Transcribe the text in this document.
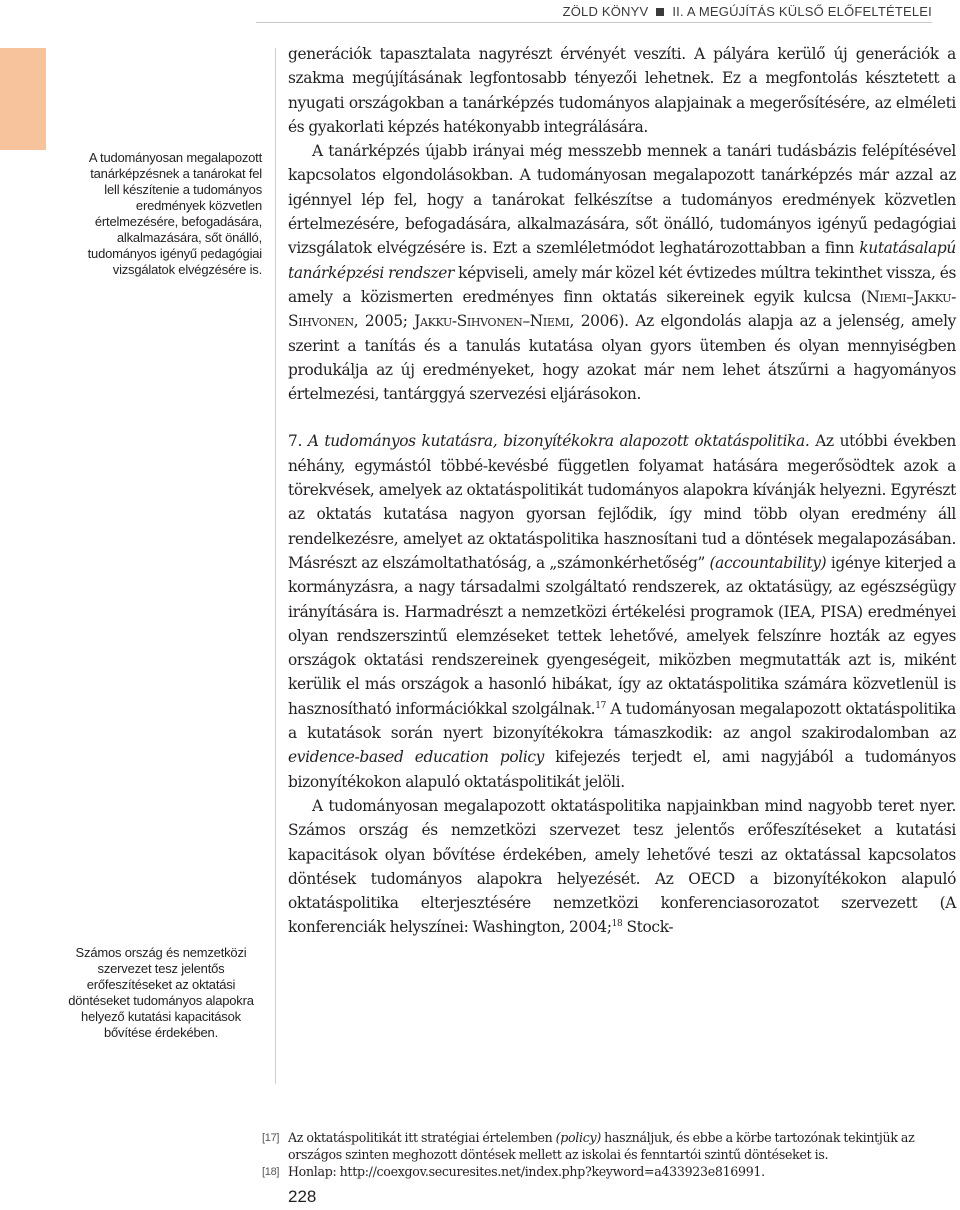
ZÖLD KÖNYV II. A MEGÚJÍTÁS KÜLSŐ ELŐFELTÉTELEI
A tudományosan megalapozott tanárképzésnek a tanárokat fel lell készítenie a tudományos eredmények közvetlen értelmezésére, befogadására, alkalmazására, sőt önálló, tudományos igényű pedagógiai vizsgálatok elvégzésére is.
Számos ország és nemzetközi szervezet tesz jelentős erőfeszítéseket az oktatási döntéseket tudományos alapokra helyező kutatási kapacitások bővítése érdekében.

generációk tapasztalata nagyrészt érvényét veszíti. A pályára kerülő új generációk a szakma megújításának legfontosabb tényezői lehetnek. Ez a megfontolás késztetett a nyugati országokban a tanárképzés tudományos alapjainak a megerősítésére, az elméleti és gyakorlati képzés hatékonyabb integrálására.

A tanárképzés újabb irányai még messzebb mennek a tanári tudásbázis felépítésével kapcsolatos elgondolásokban. A tudományosan megalapozott tanárképzés már azzal az igénnyel lép fel, hogy a tanárokat felkészítse a tudományos eredmények közvetlen értelmezésére, befogadására, alkalmazására, sőt önálló, tudományos igényű pedagógiai vizsgálatok elvégzésére is. Ezt a szemléletmódot leghatározottabban a finn kutatásalapú tanárképzési rendszer képviseli, amely már közel két évtizedes múltra tekinthet vissza, és amely a közismerten eredményes finn oktatás sikereinek egyik kulcsa (Niemi–Jakku-Sihvonen, 2005; Jakku-Sihvonen–Niemi, 2006). Az elgondolás alapja az a jelenség, amely szerint a tanítás és a tanulás kutatása olyan gyors ütemben és olyan mennyiségben produkálja az új eredményeket, hogy azokat már nem lehet átszűrni a hagyományos értelmezési, tantárggyá szervezési eljárásokon.

7. A tudományos kutatásra, bizonyítékokra alapozott oktatáspolitika. Az utóbbi években néhány, egymástól többé-kevésbé független folyamat hatására megerősödtek azok a törekvések, amelyek az oktatáspolitikát tudományos alapokra kívánják helyezni. Egyrészt az oktatás kutatása nagyon gyorsan fejlődik, így mind több olyan eredmény áll rendelkezésre, amelyet az oktatáspolitika hasznosítani tud a döntések megalapozásában. Másrészt az elszámoltathatóság, a „számonkérhetőség” (accountability) igénye kiterjed a kormányzásra, a nagy társadalmi szolgáltató rendszerek, az oktatásügy, az egészségügy irányítására is. Harmadrészt a nemzetközi értékelési programok (IEA, PISA) eredményei olyan rendszerszintű elemzéseket tettek lehetővé, amelyek felszínre hozták az egyes országok oktatási rendszereinek gyengeségeit, miközben megmutatták azt is, miként kerülik el más országok a hasonló hibákat, így az oktatáspolitika számára közvetlenül is hasznosítható információkkal szolgálnak.$^{17}$ A tudományosan megalapozott oktatáspolitika a kutatások során nyert bizonyítékokra támaszkodik: az angol szakirodalomban az evidence-based education policy kifejezés terjedt el, ami nagyjából a tudományos bizonyítékokon alapuló oktatáspolitikát jelöli.

A tudományosan megalapozott oktatáspolitika napjainkban mind nagyobb teret nyer. Számos ország és nemzetközi szervezet tesz jelentős erőfeszítéseket a kutatási kapacitások olyan bővítése érdekében, amely lehetővé teszi az oktatással kapcsolatos döntések tudományos alapokra helyezését. Az OECD a bizonyítékokon alapuló oktatáspolitika elterjesztésére nemzetközi konferenciasorozatot szervezett (A konferenciák helyszínei: Washington, 2004;$^{18}$ Stock-

[17] Az oktatáspolitikát itt stratégiai értelemben (policy) használjuk, és ebbe a körbe tartozónak tekintjük az országos szinten meghozott döntések mellett az iskolai és fenntartói szintű döntéseket is.
[18] Honlap: http://coexgov.securesites.net/index.php?keyword=a433923e816991.
228
